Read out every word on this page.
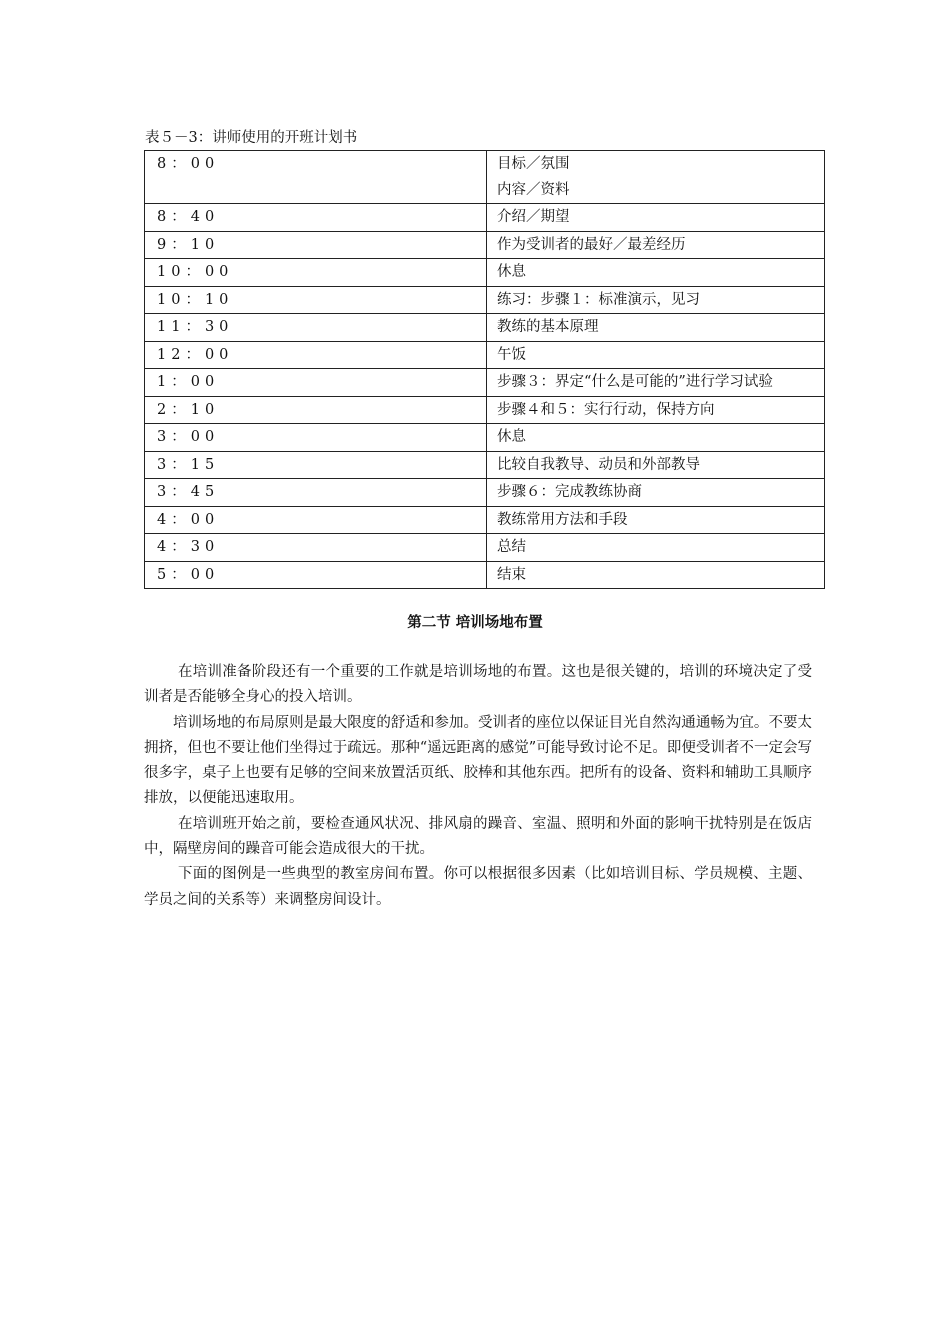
表５－3：讲师使用的开班计划书
8：00	目标／氛围
内容／资料

8：40	介绍／期望

9：10	作为受训者的最好／最差经历

10：00	休息

10：10	练习：步骤１：标准演示，见习

11：30	教练的基本原理

12：00	午饭

1：00	步骤３：界定“什么是可能的”进行学习试验

2：10	步骤４和５：实行行动，保持方向

3：00	休息

3：15	比较自我教导、动员和外部教导

3：45	步骤６：完成教练协商

4：00	教练常用方法和手段

4：30	总结

5：00	结束
第二节 培训场地布置

在培训准备阶段还有一个重要的工作就是培训场地的布置。这也是很关键的，培训的环境决定了受训者是否能够全身心的投入培训。

培训场地的布局原则是最大限度的舒适和参加。受训者的座位以保证目光自然沟通通畅为宜。不要太拥挤，但也不要让他们坐得过于疏远。那种“遥远距离的感觉”可能导致讨论不足。即便受训者不一定会写很多字，桌子上也要有足够的空间来放置活页纸、胶棒和其他东西。把所有的设备、资料和辅助工具顺序排放，以便能迅速取用。

在培训班开始之前，要检查通风状况、排风扇的躁音、室温、照明和外面的影响干扰特别是在饭店中，隔壁房间的躁音可能会造成很大的干扰。

下面的图例是一些典型的教室房间布置。你可以根据很多因素（比如培训目标、学员规模、主题、学员之间的关系等）来调整房间设计。
